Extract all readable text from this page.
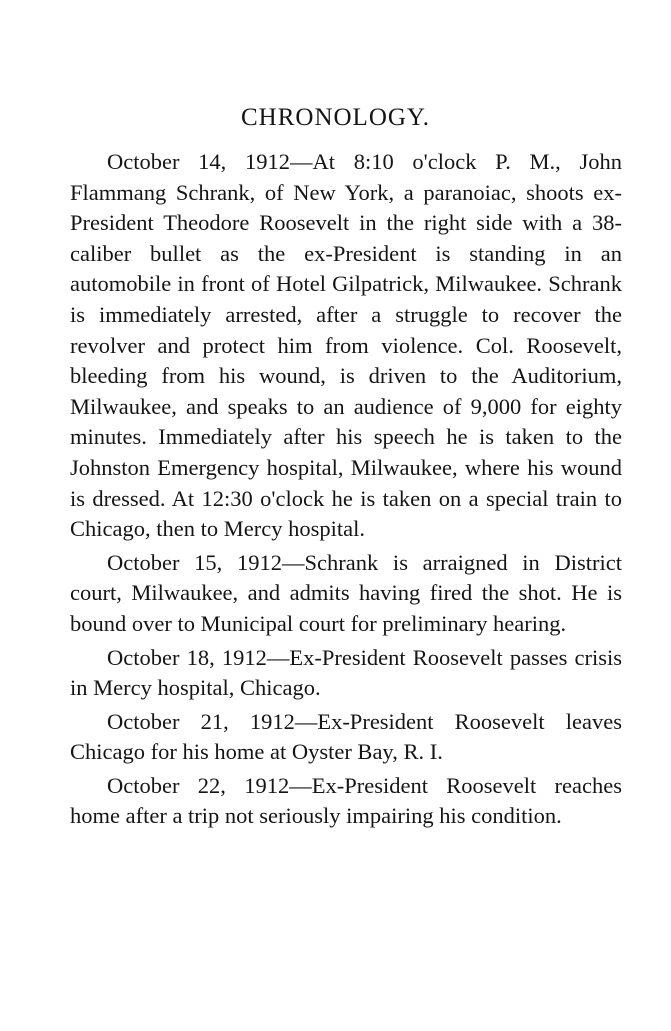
CHRONOLOGY.

October 14, 1912—At 8:10 o'clock P. M., John Flammang Schrank, of New York, a paranoiac, shoots ex-President Theodore Roosevelt in the right side with a 38-caliber bullet as the ex-President is standing in an automobile in front of Hotel Gilpatrick, Milwaukee. Schrank is immediately arrested, after a struggle to recover the revolver and protect him from violence. Col. Roosevelt, bleeding from his wound, is driven to the Auditorium, Milwaukee, and speaks to an audience of 9,000 for eighty minutes. Immediately after his speech he is taken to the Johnston Emergency hospital, Milwaukee, where his wound is dressed. At 12:30 o'clock he is taken on a special train to Chicago, then to Mercy hospital.

October 15, 1912—Schrank is arraigned in District court, Milwaukee, and admits having fired the shot. He is bound over to Municipal court for preliminary hearing.

October 18, 1912—Ex-President Roosevelt passes crisis in Mercy hospital, Chicago.

October 21, 1912—Ex-President Roosevelt leaves Chicago for his home at Oyster Bay, R. I.

October 22, 1912—Ex-President Roosevelt reaches home after a trip not seriously impairing his condition.
